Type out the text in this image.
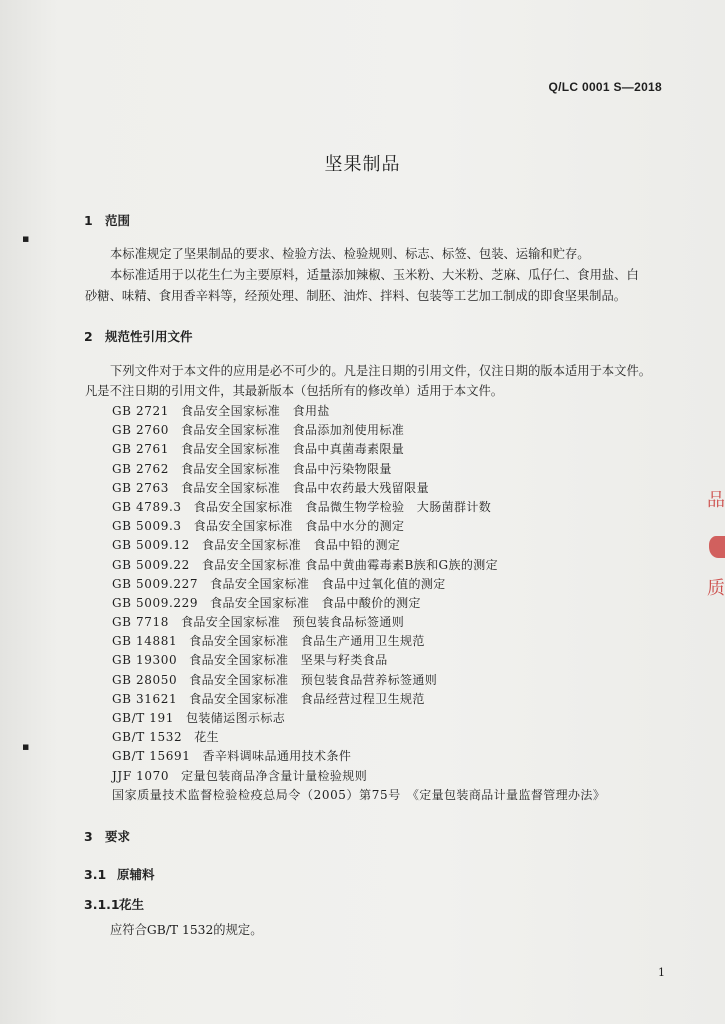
▪
▪
Q/LC 0001 S—2018
坚果制品
1 范围
本标准规定了坚果制品的要求、检验方法、检验规则、标志、标签、包装、运输和贮存。
本标准适用于以花生仁为主要原料，适量添加辣椒、玉米粉、大米粉、芝麻、瓜仔仁、食用盐、白
砂糖、味精、食用香辛料等，经预处理、制胚、油炸、拌料、包装等工艺加工制成的即食坚果制品。
2 规范性引用文件
下列文件对于本文件的应用是必不可少的。凡是注日期的引用文件，仅注日期的版本适用于本文件。
凡是不注日期的引用文件，其最新版本（包括所有的修改单）适用于本文件。
GB 2721 食品安全国家标准　食用盐
GB 2760 食品安全国家标准　食品添加剂使用标准
GB 2761 食品安全国家标准　食品中真菌毒素限量
GB 2762 食品安全国家标准　食品中污染物限量
GB 2763 食品安全国家标准　食品中农药最大残留限量
GB 4789.3 食品安全国家标准　食品微生物学检验　大肠菌群计数
GB 5009.3 食品安全国家标准　食品中水分的测定
GB 5009.12 食品安全国家标准　食品中铅的测定
GB 5009.22 食品安全国家标准 食品中黄曲霉毒素B族和G族的测定
GB 5009.227 食品安全国家标准　食品中过氧化值的测定
GB 5009.229 食品安全国家标准　食品中酸价的测定
GB 7718 食品安全国家标准　预包装食品标签通则
GB 14881 食品安全国家标准　食品生产通用卫生规范
GB 19300 食品安全国家标准　坚果与籽类食品
GB 28050 食品安全国家标准　预包装食品营养标签通则
GB 31621 食品安全国家标准　食品经营过程卫生规范
GB/T 191 包装储运图示标志
GB/T 1532 花生
GB/T 15691 香辛料调味品通用技术条件
JJF 1070 定量包装商品净含量计量检验规则
国家质量技术监督检验检疫总局令（2005）第75号 《定量包装商品计量监督管理办法》
3 要求
3.1 原辅料
3.1.1花生
应符合GB/T 1532的规定。
1
品
质
